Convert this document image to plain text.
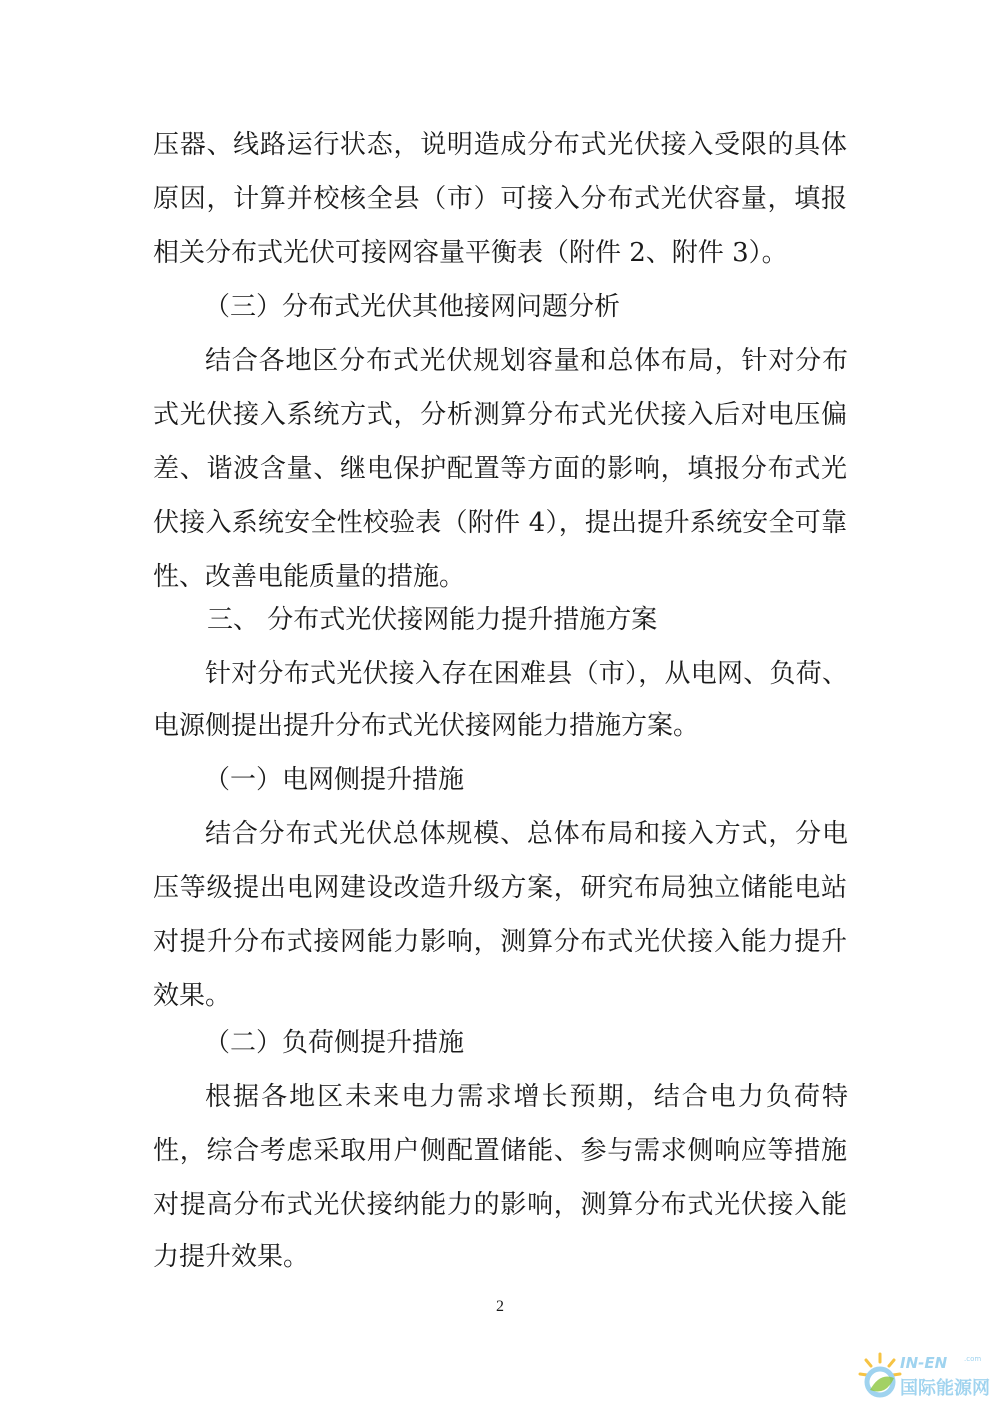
压器、线路运行状态，说明造成分布式光伏接入受限的具体
原因，计算并校核全县（市）可接入分布式光伏容量，填报
相关分布式光伏可接网容量平衡表（附件 2、附件 3）。
（三）分布式光伏其他接网问题分析
结合各地区分布式光伏规划容量和总体布局，针对分布
式光伏接入系统方式，分析测算分布式光伏接入后对电压偏
差、谐波含量、继电保护配置等方面的影响，填报分布式光
伏接入系统安全性校验表（附件 4），提出提升系统安全可靠
性、改善电能质量的措施。
三、 分布式光伏接网能力提升措施方案
针对分布式光伏接入存在困难县（市），从电网、负荷、
电源侧提出提升分布式光伏接网能力措施方案。
（一）电网侧提升措施
结合分布式光伏总体规模、总体布局和接入方式，分电
压等级提出电网建设改造升级方案，研究布局独立储能电站
对提升分布式接网能力影响，测算分布式光伏接入能力提升
效果。
（二）负荷侧提升措施
根据各地区未来电力需求增长预期，结合电力负荷特
性，综合考虑采取用户侧配置储能、参与需求侧响应等措施
对提高分布式光伏接纳能力的影响，测算分布式光伏接入能
力提升效果。
2
IN-EN .com
国际能源网
